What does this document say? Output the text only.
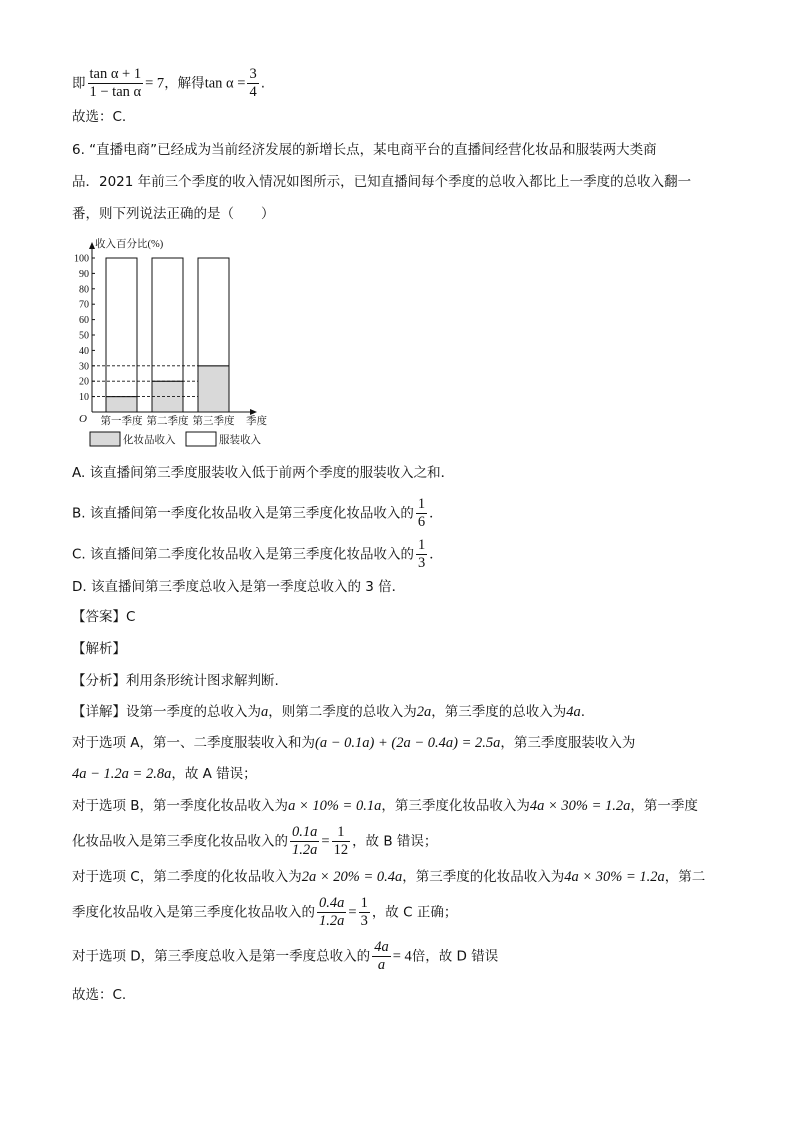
即 $\frac{\text{tan α + 1}}{\text{1 − tan α}} = 7$，解得$\tan \alpha = \frac{3}{4}$ .
故选：C.
6. “直播电商”已经成为当前经济发展的新增长点，某电商平台的直播间经营化妆品和服装两大类商
品．2021 年前三个季度的收入情况如图所示，已知直播间每个季度的总收入都比上一季度的总收入翻一
番，则下列说法正确的是（　　）
第一季度 第二季度 第三季度
10
20
30
40
50
60
70
80
90
100
收入百分比(%)
季度
O
化妆品收入	服装收入
A. 该直播间第三季度服装收入低于前两个季度的服装收入之和．
B. 该直播间第一季度化妆品收入是第三季度化妆品收入的 $\frac{1}{6}$ ．
C. 该直播间第二季度化妆品收入是第三季度化妆品收入的 $\frac{1}{3}$ ．
D. 该直播间第三季度总收入是第一季度总收入的 3 倍．
【答案】C
【解析】
【分析】利用条形统计图求解判断.
【详解】设第一季度的总收入为a，则第二季度的总收入为2a，第三季度的总收入为4a.
对于选项 A，第一、二季度服装收入和为(a − 0.1a) + (2a − 0.4a) = 2.5a，第三季度服装收入为
4a − 1.2a = 2.8a，故 A 错误；
对于选项 B，第一季度化妆品收入为a × 10% = 0.1a，第三季度化妆品收入为4a × 30% = 1.2a，第一季度
化妆品收入是第三季度化妆品收入的 $\frac{0.1a}{1.2a} = \frac{1}{12}$ ，故 B 错误；
对于选项 C，第二季度的化妆品收入为2a × 20% = 0.4a，第三季度的化妆品收入为4a × 30% = 1.2a，第二
季度化妆品收入是第三季度化妆品收入的 $\frac{0.4a}{1.2a} = \frac{1}{3}$ ，故 C 正确；
对于选项 D，第三季度总收入是第一季度总收入的 $\frac{4a}{a} = 4$倍，故 D 错误
故选：C.
